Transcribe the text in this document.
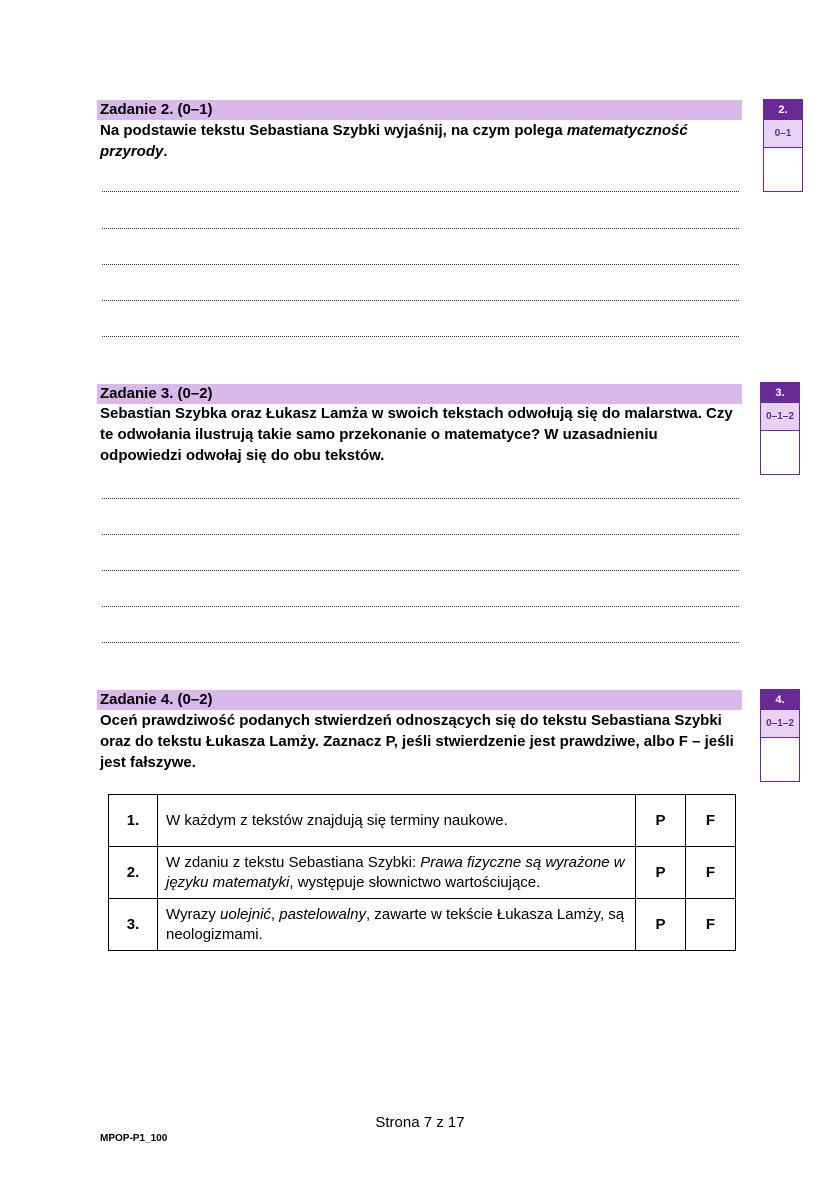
Zadanie 2. (0–1)
Na podstawie tekstu Sebastiana Szybki wyjaśnij, na czym polega matematyczność przyrody.
2.
0–1
Zadanie 3. (0–2)
Sebastian Szybka oraz Łukasz Lamża w swoich tekstach odwołują się do malarstwa. Czy te odwołania ilustrują takie samo przekonanie o matematyce? W uzasadnieniu odpowiedzi odwołaj się do obu tekstów.
3.
0–1–2
Zadanie 4. (0–2)
Oceń prawdziwość podanych stwierdzeń odnoszących się do tekstu Sebastiana Szybki oraz do tekstu Łukasza Lamży. Zaznacz P, jeśli stwierdzenie jest prawdziwe, albo F – jeśli jest fałszywe.
4.
0–1–2
1.	W każdym z tekstów znajdują się terminy naukowe.	P	F
2.	W zdaniu z tekstu Sebastiana Szybki: Prawa fizyczne są wyrażone w języku matematyki, występuje słownictwo wartościujące.	P	F
3.	Wyrazy uolejnić, pastelowalny, zawarte w tekście Łukasza Lamży, są neologizmami.	P	F
Strona 7 z 17
MPOP-P1_100
